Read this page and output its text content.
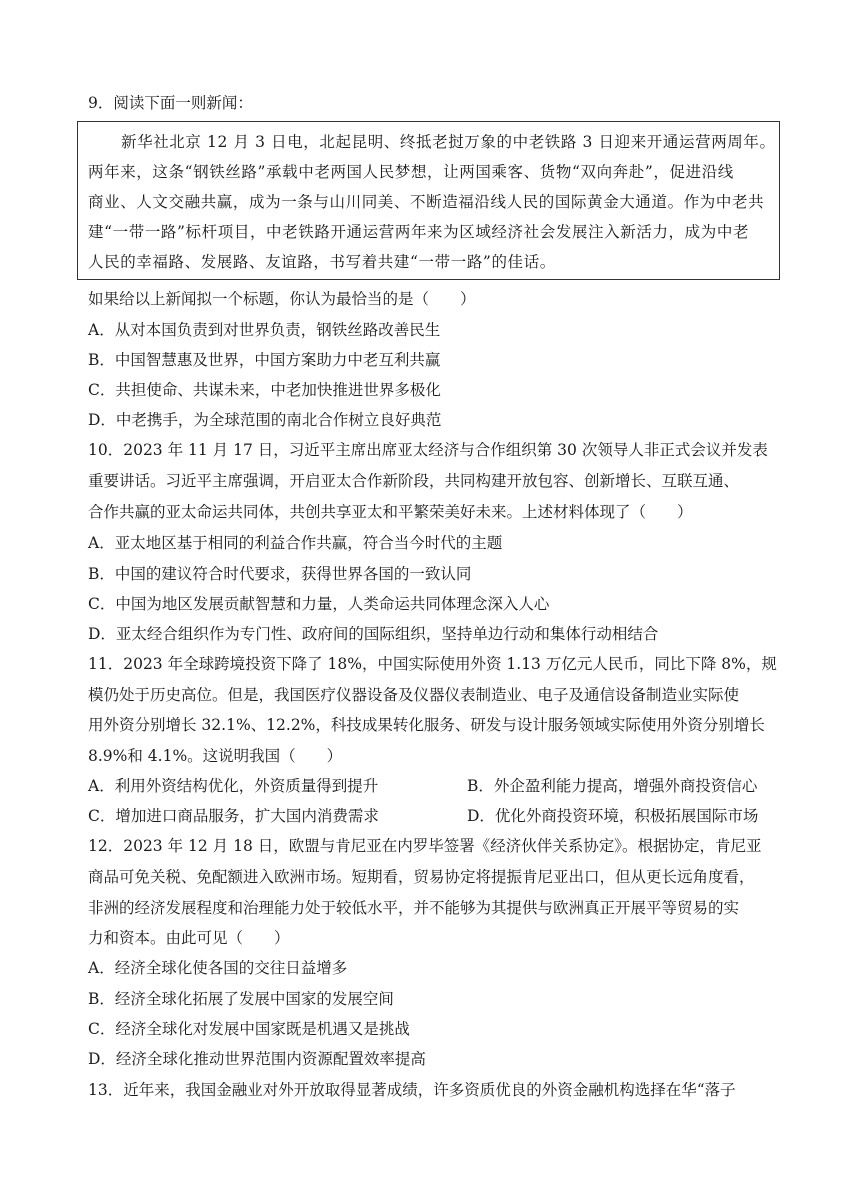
9．阅读下面一则新闻：
新华社北京 12 月 3 日电，北起昆明、终抵老挝万象的中老铁路 3 日迎来开通运营两周年。
两年来，这条“钢铁丝路”承载中老两国人民梦想，让两国乘客、货物“双向奔赴”，促进沿线
商业、人文交融共赢，成为一条与山川同美、不断造福沿线人民的国际黄金大通道。作为中老共
建“一带一路”标杆项目，中老铁路开通运营两年来为区域经济社会发展注入新活力，成为中老
人民的幸福路、发展路、友谊路，书写着共建“一带一路”的佳话。
如果给以上新闻拟一个标题，你认为最恰当的是（　　）
A．从对本国负责到对世界负责，钢铁丝路改善民生
B．中国智慧惠及世界，中国方案助力中老互利共赢
C．共担使命、共谋未来，中老加快推进世界多极化
D．中老携手，为全球范围的南北合作树立良好典范
10．2023 年 11 月 17 日，习近平主席出席亚太经济与合作组织第 30 次领导人非正式会议并发表
重要讲话。习近平主席强调，开启亚太合作新阶段，共同构建开放包容、创新增长、互联互通、
合作共赢的亚太命运共同体，共创共享亚太和平繁荣美好未来。上述材料体现了（　　）
A．亚太地区基于相同的利益合作共赢，符合当今时代的主题
B．中国的建议符合时代要求，获得世界各国的一致认同
C．中国为地区发展贡献智慧和力量，人类命运共同体理念深入人心
D．亚太经合组织作为专门性、政府间的国际组织，坚持单边行动和集体行动相结合
11．2023 年全球跨境投资下降了 18%，中国实际使用外资 1.13 万亿元人民币，同比下降 8%，规
模仍处于历史高位。但是，我国医疗仪器设备及仪器仪表制造业、电子及通信设备制造业实际使
用外资分别增长 32.1%、12.2%，科技成果转化服务、研发与设计服务领域实际使用外资分别增长
8.9%和 4.1%。这说明我国（　　）
A．利用外资结构优化，外资质量得到提升	B．外企盈利能力提高，增强外商投资信心
C．增加进口商品服务，扩大国内消费需求	D．优化外商投资环境，积极拓展国际市场
12．2023 年 12 月 18 日，欧盟与肯尼亚在内罗毕签署《经济伙伴关系协定》。根据协定，肯尼亚
商品可免关税、免配额进入欧洲市场。短期看，贸易协定将提振肯尼亚出口，但从更长远角度看，
非洲的经济发展程度和治理能力处于较低水平，并不能够为其提供与欧洲真正开展平等贸易的实
力和资本。由此可见（　　）
A．经济全球化使各国的交往日益增多
B．经济全球化拓展了发展中国家的发展空间
C．经济全球化对发展中国家既是机遇又是挑战
D．经济全球化推动世界范围内资源配置效率提高
13．近年来，我国金融业对外开放取得显著成绩，许多资质优良的外资金融机构选择在华“落子
